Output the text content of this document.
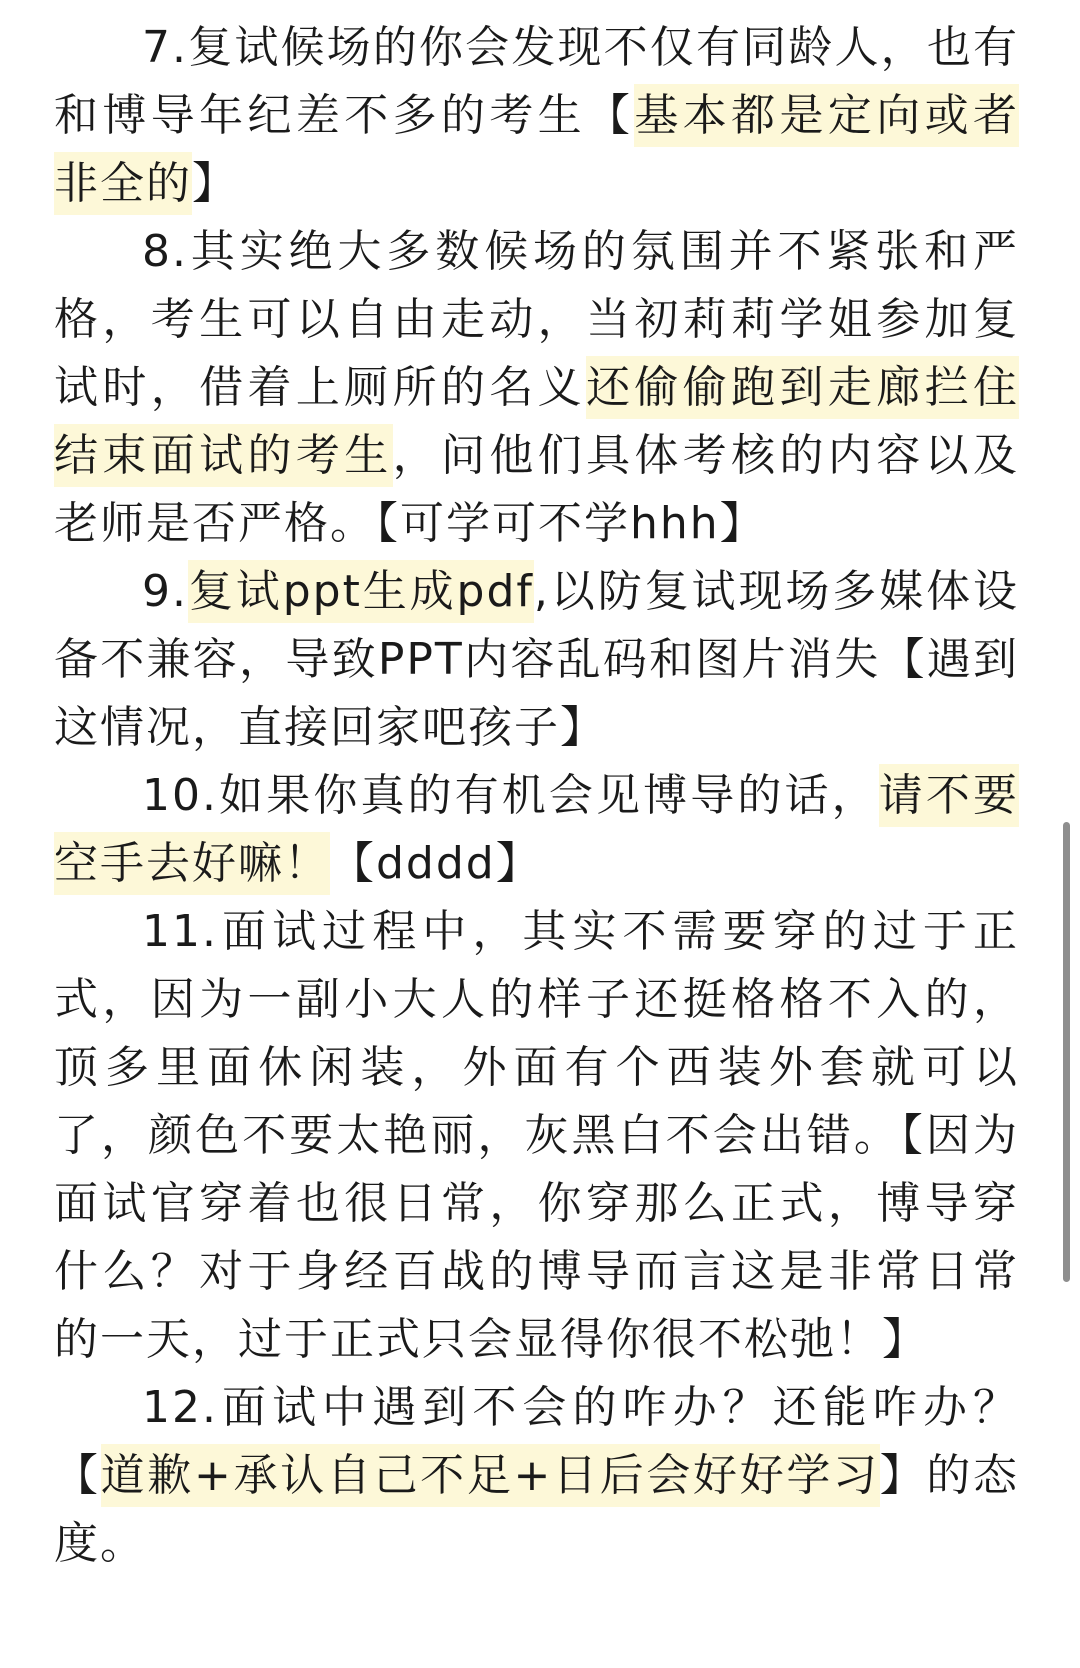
7.复试候场的你会发现不仅有同龄人，也有和博导年纪差不多的考生【基本都是定向或者非全的】

8.其实绝大多数候场的氛围并不紧张和严格，考生可以自由走动，当初莉莉学姐参加复试时，借着上厕所的名义还偷偷跑到走廊拦住结束面试的考生，问他们具体考核的内容以及老师是否严格。【可学可不学hhh】

9.复试ppt生成pdf,以防复试现场多媒体设备不兼容，导致PPT内容乱码和图片消失【遇到这情况，直接回家吧孩子】

10.如果你真的有机会见博导的话，请不要空手去好嘛！【dddd】

11.面试过程中，其实不需要穿的过于正式，因为一副小大人的样子还挺格格不入的，顶多里面休闲装，外面有个西装外套就可以了，颜色不要太艳丽，灰黑白不会出错。【因为面试官穿着也很日常，你穿那么正式，博导穿什么？对于身经百战的博导而言这是非常日常的一天，过于正式只会显得你很不松弛！】

12.面试中遇到不会的咋办？还能咋办？【道歉+承认自己不足+日后会好好学习】的态度。
